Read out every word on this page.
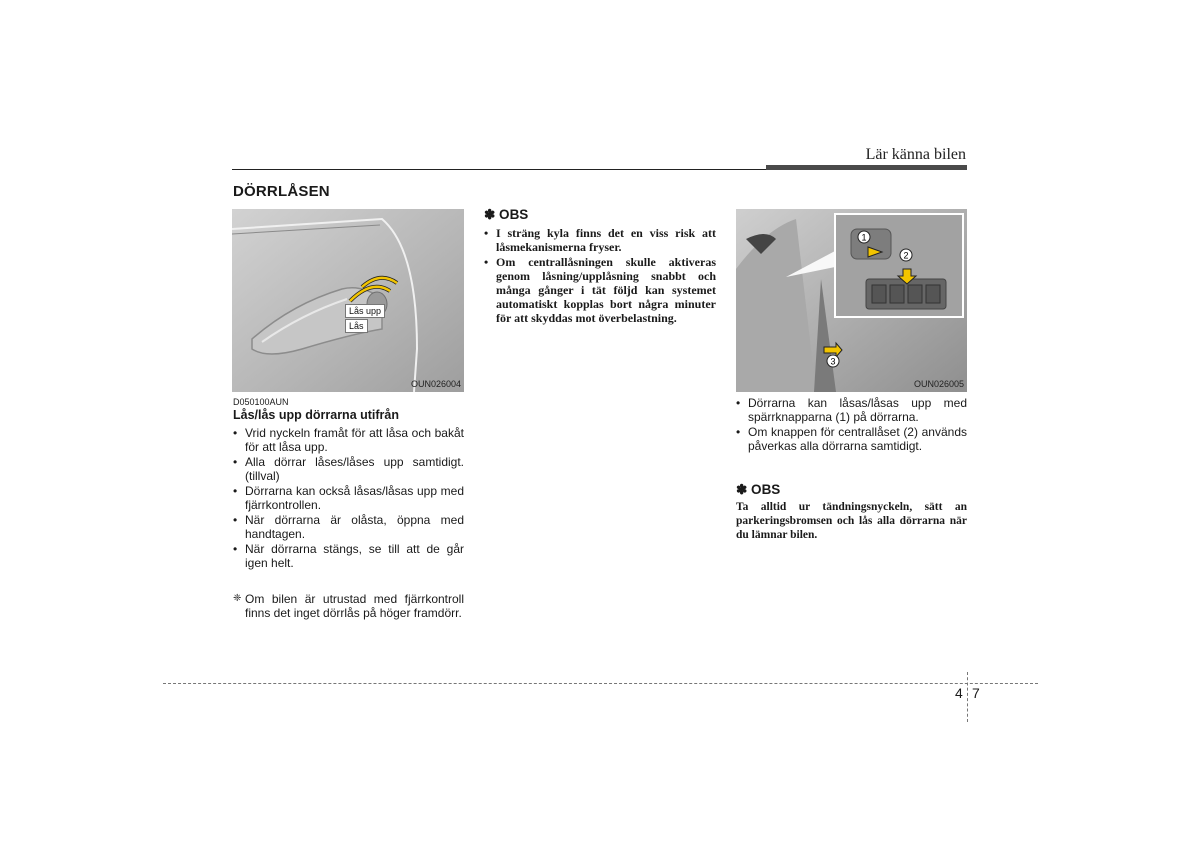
Lär känna bilen
DÖRRLÅSEN
Lås upp
Lås
OUN026004
D050100AUN
Lås/lås upp dörrarna utifrån
• Vrid nyckeln framåt för att låsa och bakåt för att låsa upp.
• Alla dörrar låses/låses upp samtidigt. (tillval)
• Dörrarna kan också låsas/låsas upp med fjärrkontrollen.
• När dörrarna är olåsta, öppna med handtagen.
• När dörrarna stängs, se till att de går igen helt.
❈ Om bilen är utrustad med fjärrkontroll finns det inget dörrlås på höger framdörr.
✽ OBS
• I sträng kyla finns det en viss risk att låsmekanismerna fryser.
• Om centrallåsningen skulle aktiveras genom låsning/upplåsning snabbt och många gånger i tät följd kan systemet automatiskt kopplas bort några minuter för att skyddas mot överbelastning.
1
2
3
OUN026005
• Dörrarna kan låsas/låsas upp med spärrknapparna (1) på dörrarna.
• Om knappen för centrallåset (2) används påverkas alla dörrarna samtidigt.
✽ OBS
Ta alltid ur tändningsnyckeln, sätt an parkeringsbromsen och lås alla dörrarna när du lämnar bilen.
4 7
